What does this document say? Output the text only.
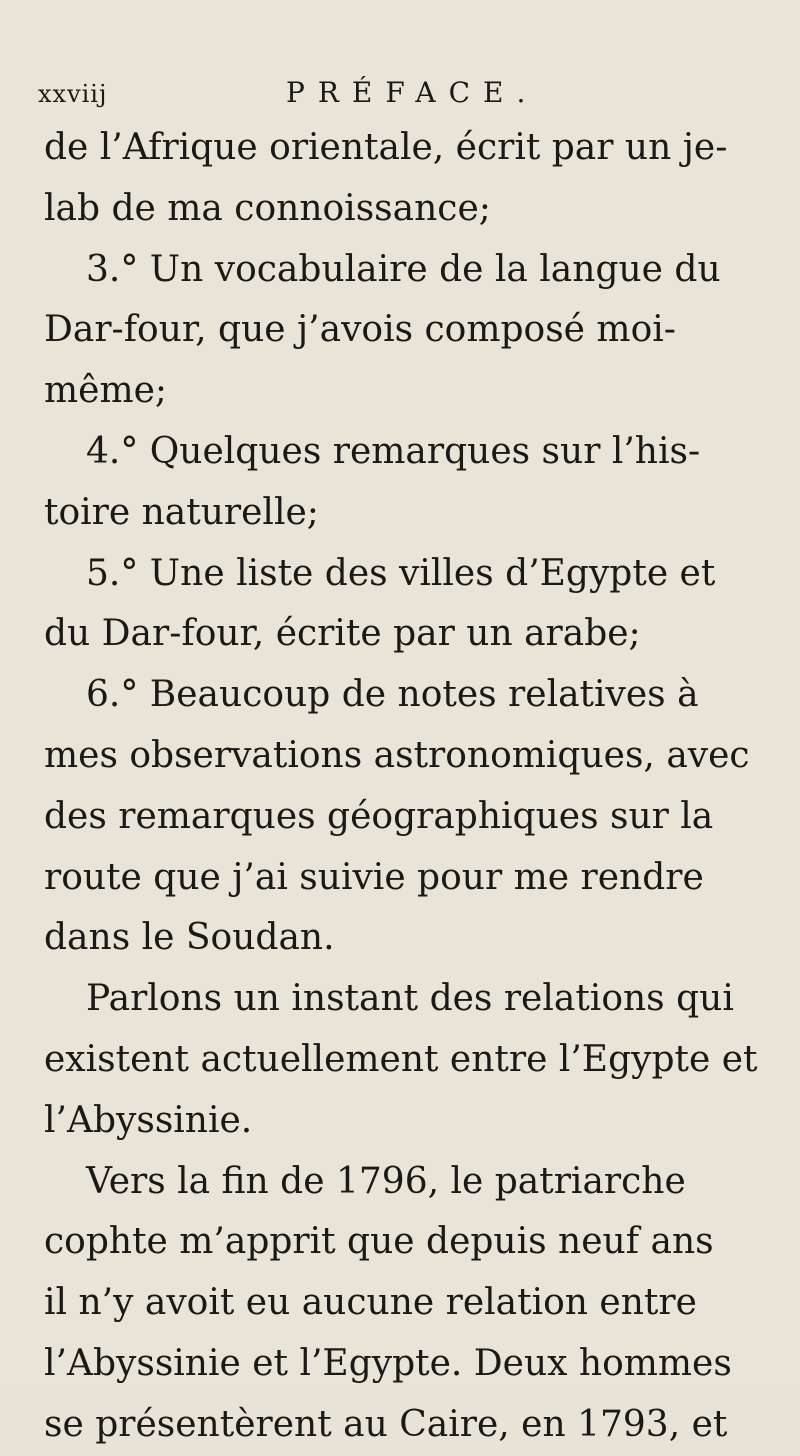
xxviij	PRÉFACE.
de l’Afrique orientale, écrit par un je-
lab de ma connoissance;
3.° Un vocabulaire de la langue du
Dar-four, que j’avois composé moi-
même;
4.° Quelques remarques sur l’his-
toire naturelle;
5.° Une liste des villes d’Egypte et
du Dar-four, écrite par un arabe;
6.° Beaucoup de notes relatives à
mes observations astronomiques, avec
des remarques géographiques sur la
route que j’ai suivie pour me rendre
dans le Soudan.
Parlons un instant des relations qui
existent actuellement entre l’Egypte et
l’Abyssinie.
Vers la fin de 1796, le patriarche
cophte m’apprit que depuis neuf ans
il n’y avoit eu aucune relation entre
l’Abyssinie et l’Egypte. Deux hommes
se présentèrent au Caire, en 1793, et
